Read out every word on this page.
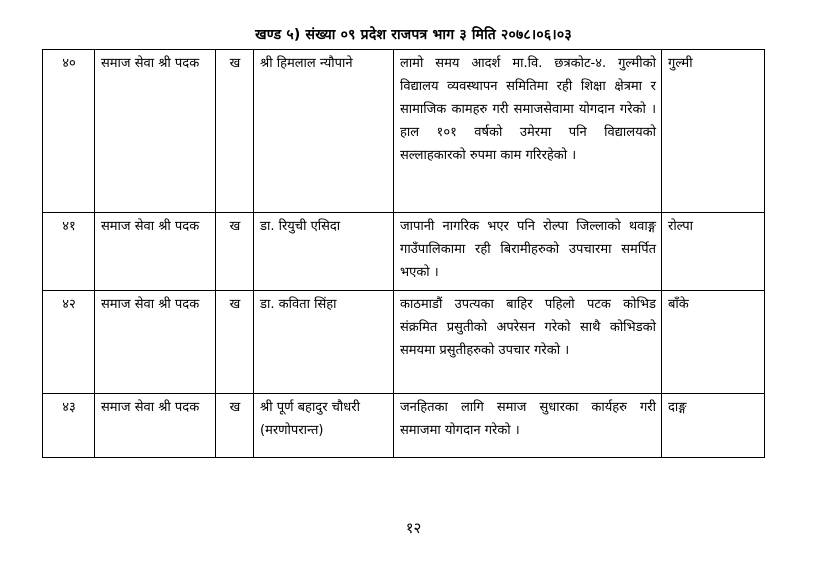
खण्ड ५) संख्या ०९ प्रदेश राजपत्र भाग ३ मिति २०७८।०६।०३
४०	समाज सेवा श्री पदक	ख	श्री हिमलाल न्यौपाने	लामो समय आदर्श मा.वि. छत्रकोट-४. गुल्मीको विद्यालय व्यवस्थापन समितिमा रही शिक्षा क्षेत्रमा र सामाजिक कामहरु गरी समाजसेवामा योगदान गरेको । हाल १०१ वर्षको उमेरमा पनि विद्यालयको सल्लाहकारको रुपमा काम गरिरहेको ।	गुल्मी
४१	समाज सेवा श्री पदक	ख	डा. रियुची एसिदा	जापानी नागरिक भएर पनि रोल्पा जिल्लाको थवाङ्ग गाउँपालिकामा रही बिरामीहरुको उपचारमा समर्पित भएको ।	रोल्पा
४२	समाज सेवा श्री पदक	ख	डा. कविता सिंहा	काठमाडौं उपत्यका बाहिर पहिलो पटक कोभिड संक्रमित प्रसुतीको अपरेसन गरेको साथै कोभिडको समयमा प्रसुतीहरुको उपचार गरेको ।	बाँके
४३	समाज सेवा श्री पदक	ख	श्री पूर्ण बहादुर चौधरी (मरणोपरान्त)	जनहितका लागि समाज सुधारका कार्यहरु गरी समाजमा योगदान गरेको ।	दाङ्ग
१२
